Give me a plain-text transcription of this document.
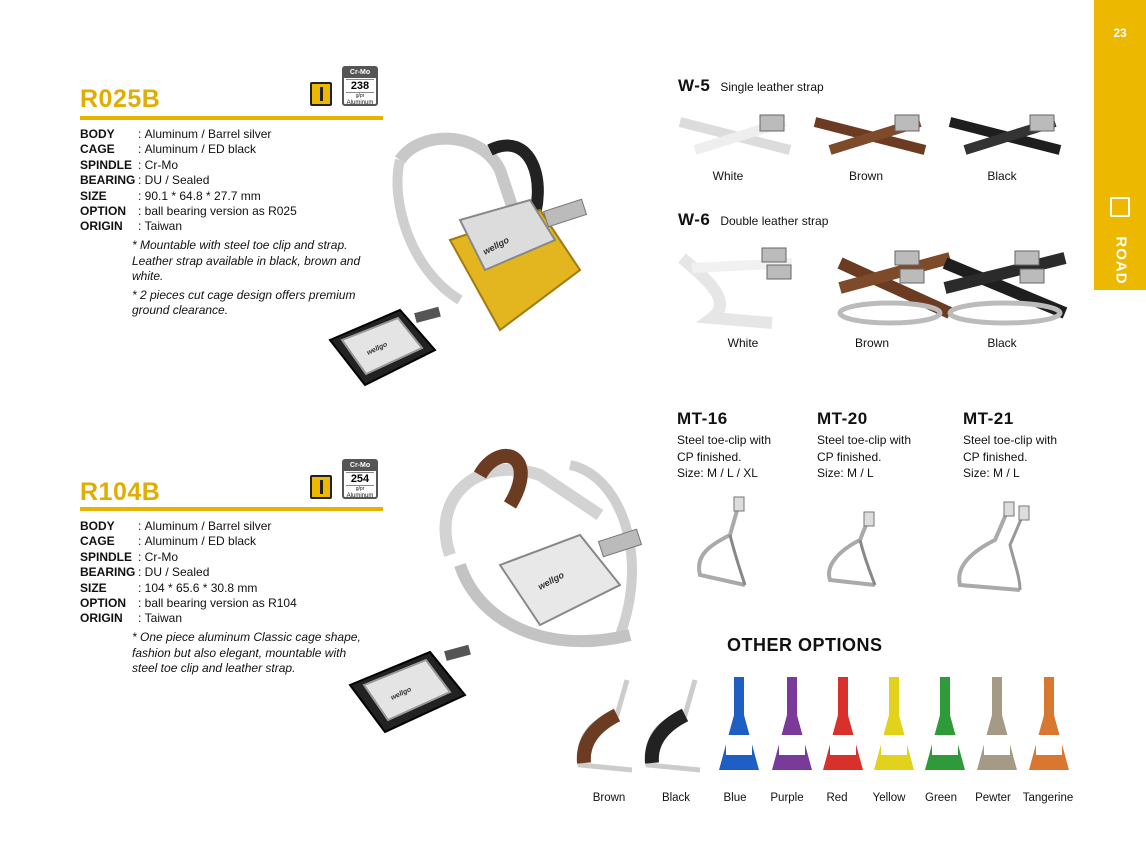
23
ROAD
R025B
Cr-Mo
238
g/pr
Aluminum
BODY	: Aluminum / Barrel silver
CAGE	: Aluminum / ED black
SPINDLE : Cr-Mo
BEARING : DU / Sealed
SIZE	: 90.1 * 64.8 * 27.7 mm
OPTION : ball bearing version as R025
ORIGIN	: Taiwan
* Mountable with steel toe clip and strap. Leather strap available in black, brown and white.
* 2 pieces cut cage design offers premium ground clearance.
wellgo
wellgo
R104B
Cr-Mo
254
g/pr
Aluminum
BODY	: Aluminum / Barrel silver
CAGE	: Aluminum / ED black
SPINDLE : Cr-Mo
BEARING : DU / Sealed
SIZE	: 104 * 65.6 * 30.8 mm
OPTION : ball bearing version as R104
ORIGIN	: Taiwan
* One piece aluminum Classic cage shape, fashion but also elegant, mountable with steel toe clip and leather strap.
wellgo
wellgo
W-5 Single leather strap
White	Brown	Black
W-6 Double leather strap
White	Brown	Black
MT-16
Steel toe-clip with
CP finished.
Size: M / L / XL
MT-20
Steel toe-clip with
CP finished.
Size: M / L
MT-21
Steel toe-clip with
CP finished.
Size: M / L
OTHER OPTIONS
Brown	Black	Blue	Purple	Red	Yellow	Green	Pewter	Tangerine
